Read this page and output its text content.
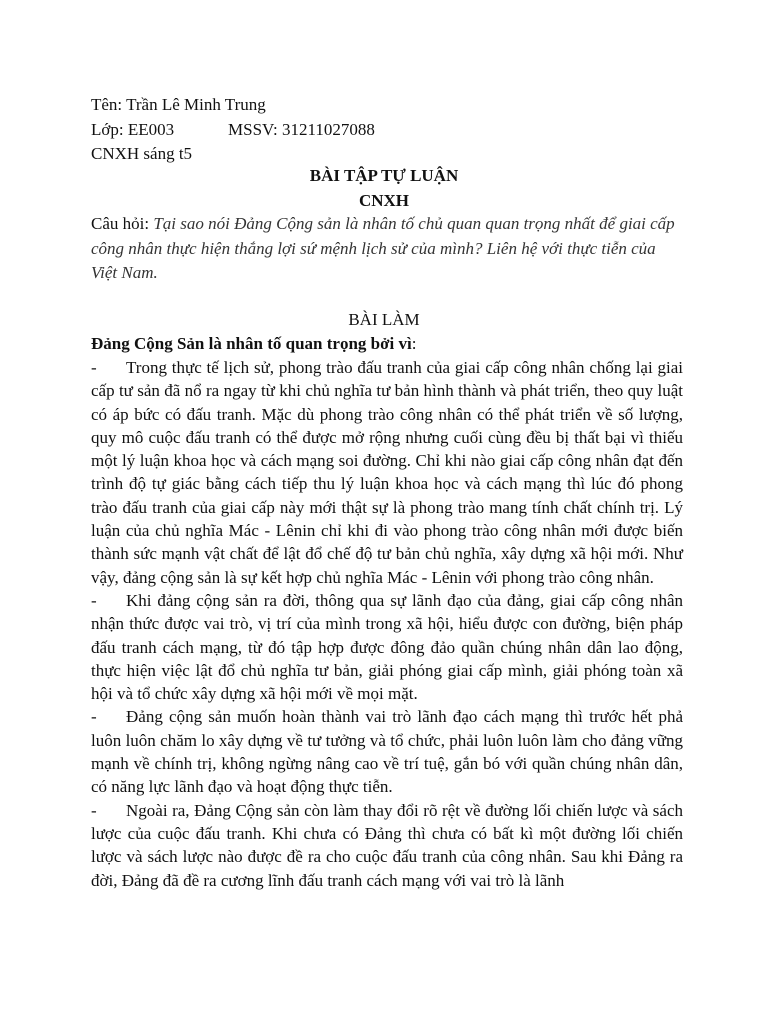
Tên: Trần Lê Minh Trung
Lớp: EE003	MSSV: 31211027088
CNXH sáng t5
BÀI TẬP TỰ LUẬN
CNXH
Câu hỏi: Tại sao nói Đảng Cộng sản là nhân tố chủ quan quan trọng nhất để giai cấp công nhân thực hiện thắng lợi sứ mệnh lịch sử của mình? Liên hệ với thực tiễn của Việt Nam.
BÀI LÀM
Đảng Cộng Sản là nhân tố quan trọng bởi vì:

- Trong thực tế lịch sử, phong trào đấu tranh của giai cấp công nhân chống lại giai cấp tư sản đã nổ ra ngay từ khi chủ nghĩa tư bản hình thành và phát triển, theo quy luật có áp bức có đấu tranh. Mặc dù phong trào công nhân có thể phát triển về số lượng, quy mô cuộc đấu tranh có thể được mở rộng nhưng cuối cùng đều bị thất bại vì thiếu một lý luận khoa học và cách mạng soi đường. Chỉ khi nào giai cấp công nhân đạt đến trình độ tự giác bằng cách tiếp thu lý luận khoa học và cách mạng thì lúc đó phong trào đấu tranh của giai cấp này mới thật sự là phong trào mang tính chất chính trị. Lý luận của chủ nghĩa Mác - Lênin chỉ khi đi vào phong trào công nhân mới được biến thành sức mạnh vật chất để lật đổ chế độ tư bản chủ nghĩa, xây dựng xã hội mới. Như vậy, đảng cộng sản là sự kết hợp chủ nghĩa Mác - Lênin với phong trào công nhân.

- Khi đảng cộng sản ra đời, thông qua sự lãnh đạo của đảng, giai cấp công nhân nhận thức được vai trò, vị trí của mình trong xã hội, hiểu được con đường, biện pháp đấu tranh cách mạng, từ đó tập hợp được đông đảo quần chúng nhân dân lao động, thực hiện việc lật đổ chủ nghĩa tư bản, giải phóng giai cấp mình, giải phóng toàn xã hội và tổ chức xây dựng xã hội mới về mọi mặt.

- Đảng cộng sản muốn hoàn thành vai trò lãnh đạo cách mạng thì trước hết phả luôn luôn chăm lo xây dựng về tư tưởng và tổ chức, phải luôn luôn làm cho đảng vững mạnh về chính trị, không ngừng nâng cao về trí tuệ, gắn bó với quần chúng nhân dân, có năng lực lãnh đạo và hoạt động thực tiễn.

- Ngoài ra, Đảng Cộng sản còn làm thay đổi rõ rệt về đường lối chiến lược và sách lược của cuộc đấu tranh. Khi chưa có Đảng thì chưa có bất kì một đường lối chiến lược và sách lược nào được đề ra cho cuộc đấu tranh của công nhân. Sau khi Đảng ra đời, Đảng đã đề ra cương lĩnh đấu tranh cách mạng với vai trò là lãnh
